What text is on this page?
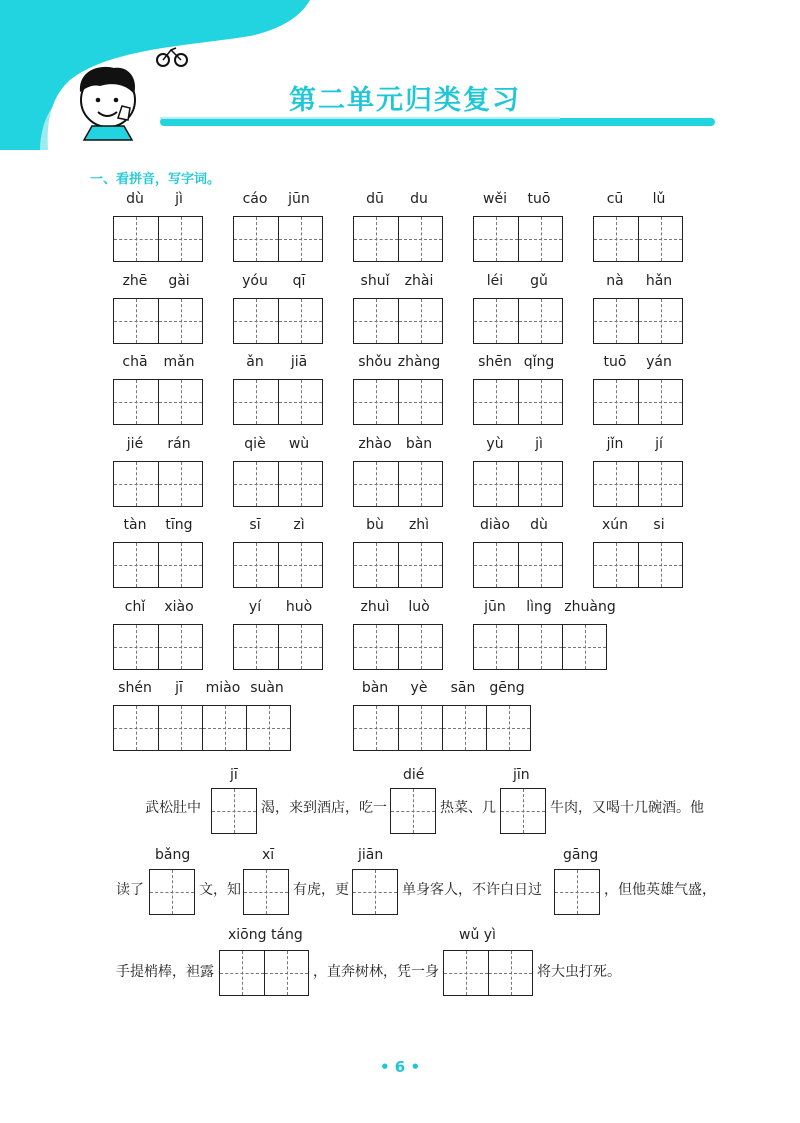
第二单元归类复习
一、看拼音，写字词。
dù jì	cáo jūn	dū du	wěi tuō	cū lǔ
zhē gài	yóu qī	shuǐ zhài	léi gǔ	nà hǎn
chā mǎn	ǎn jiā	shǒu zhàng	shēn qǐng	tuō yán
jié rán	qiè wù	zhào bàn	yù jì	jǐn jí
tàn tīng	sī zì	bù zhì	diào dù	xún si
chǐ xiào	yí huò	zhuì luò	jūn lìng zhuàng
shén jī miào suàn	bàn yè sān gēng
jī	dié	jīn
武松肚中	渴，来到酒店，吃一	热菜、几	牛肉，又喝十几碗酒。他
bǎng	xī	jiān	gāng
读了	文，知	有虎，更	单身客人，不许白日过	，但他英雄气盛，
xiōng táng	wǔ yì
手提梢棒，袒露	，直奔树林，凭一身	将大虫打死。
• 6 •
